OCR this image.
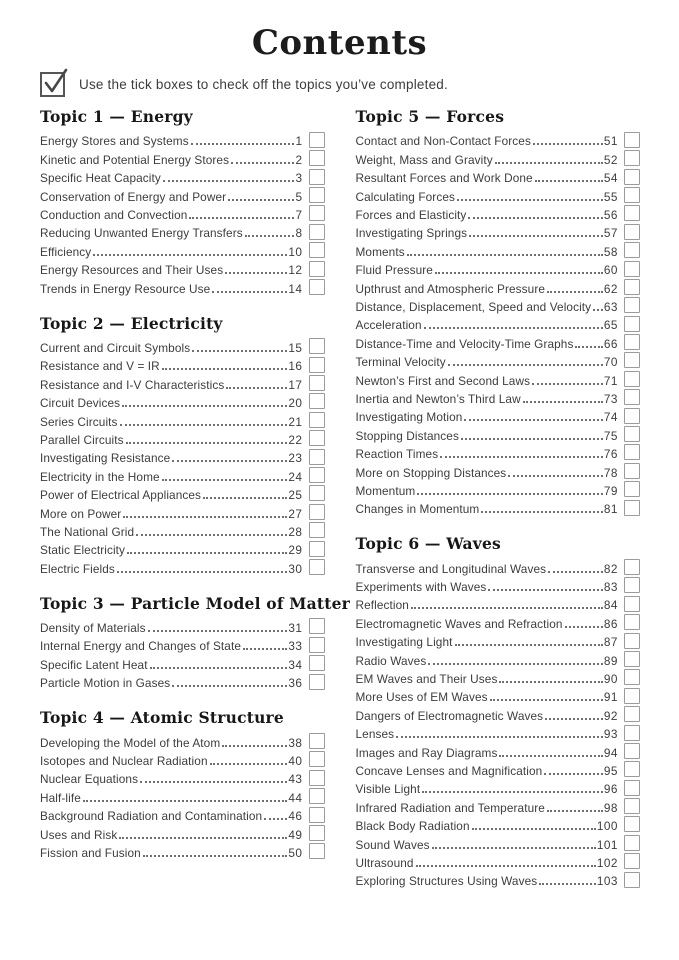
Contents
Use the tick boxes to check off the topics you’ve completed.
Topic 1 — Energy
Energy Stores and Systems	1
Kinetic and Potential Energy Stores	2
Specific Heat Capacity	3
Conservation of Energy and Power	5
Conduction and Convection	7
Reducing Unwanted Energy Transfers	8
Efficiency	10
Energy Resources and Their Uses	12
Trends in Energy Resource Use	14
Topic 2 — Electricity
Current and Circuit Symbols	15
Resistance and V = IR	16
Resistance and I-V Characteristics	17
Circuit Devices	20
Series Circuits	21
Parallel Circuits	22
Investigating Resistance	23
Electricity in the Home	24
Power of Electrical Appliances	25
More on Power	27
The National Grid	28
Static Electricity	29
Electric Fields	30
Topic 3 — Particle Model of Matter
Density of Materials	31
Internal Energy and Changes of State	33
Specific Latent Heat	34
Particle Motion in Gases	36
Topic 4 — Atomic Structure
Developing the Model of the Atom	38
Isotopes and Nuclear Radiation	40
Nuclear Equations	43
Half-life	44
Background Radiation and Contamination 46
Uses and Risk	49
Fission and Fusion	50
Topic 5 — Forces
Contact and Non-Contact Forces	51
Weight, Mass and Gravity	52
Resultant Forces and Work Done	54
Calculating Forces	55
Forces and Elasticity	56
Investigating Springs	57
Moments	58
Fluid Pressure	60
Upthrust and Atmospheric Pressure	62
Distance, Displacement, Speed and Velocity 63
Acceleration	65
Distance-Time and Velocity-Time Graphs	66
Terminal Velocity	70
Newton’s First and Second Laws	71
Inertia and Newton’s Third Law	73
Investigating Motion	74
Stopping Distances	75
Reaction Times	76
More on Stopping Distances	78
Momentum	79
Changes in Momentum	81
Topic 6 — Waves
Transverse and Longitudinal Waves	82
Experiments with Waves	83
Reflection	84
Electromagnetic Waves and Refraction	86
Investigating Light	87
Radio Waves	89
EM Waves and Their Uses	90
More Uses of EM Waves	91
Dangers of Electromagnetic Waves	92
Lenses	93
Images and Ray Diagrams	94
Concave Lenses and Magnification	95
Visible Light	96
Infrared Radiation and Temperature	98
Black Body Radiation	100
Sound Waves	101
Ultrasound	102
Exploring Structures Using Waves	103
